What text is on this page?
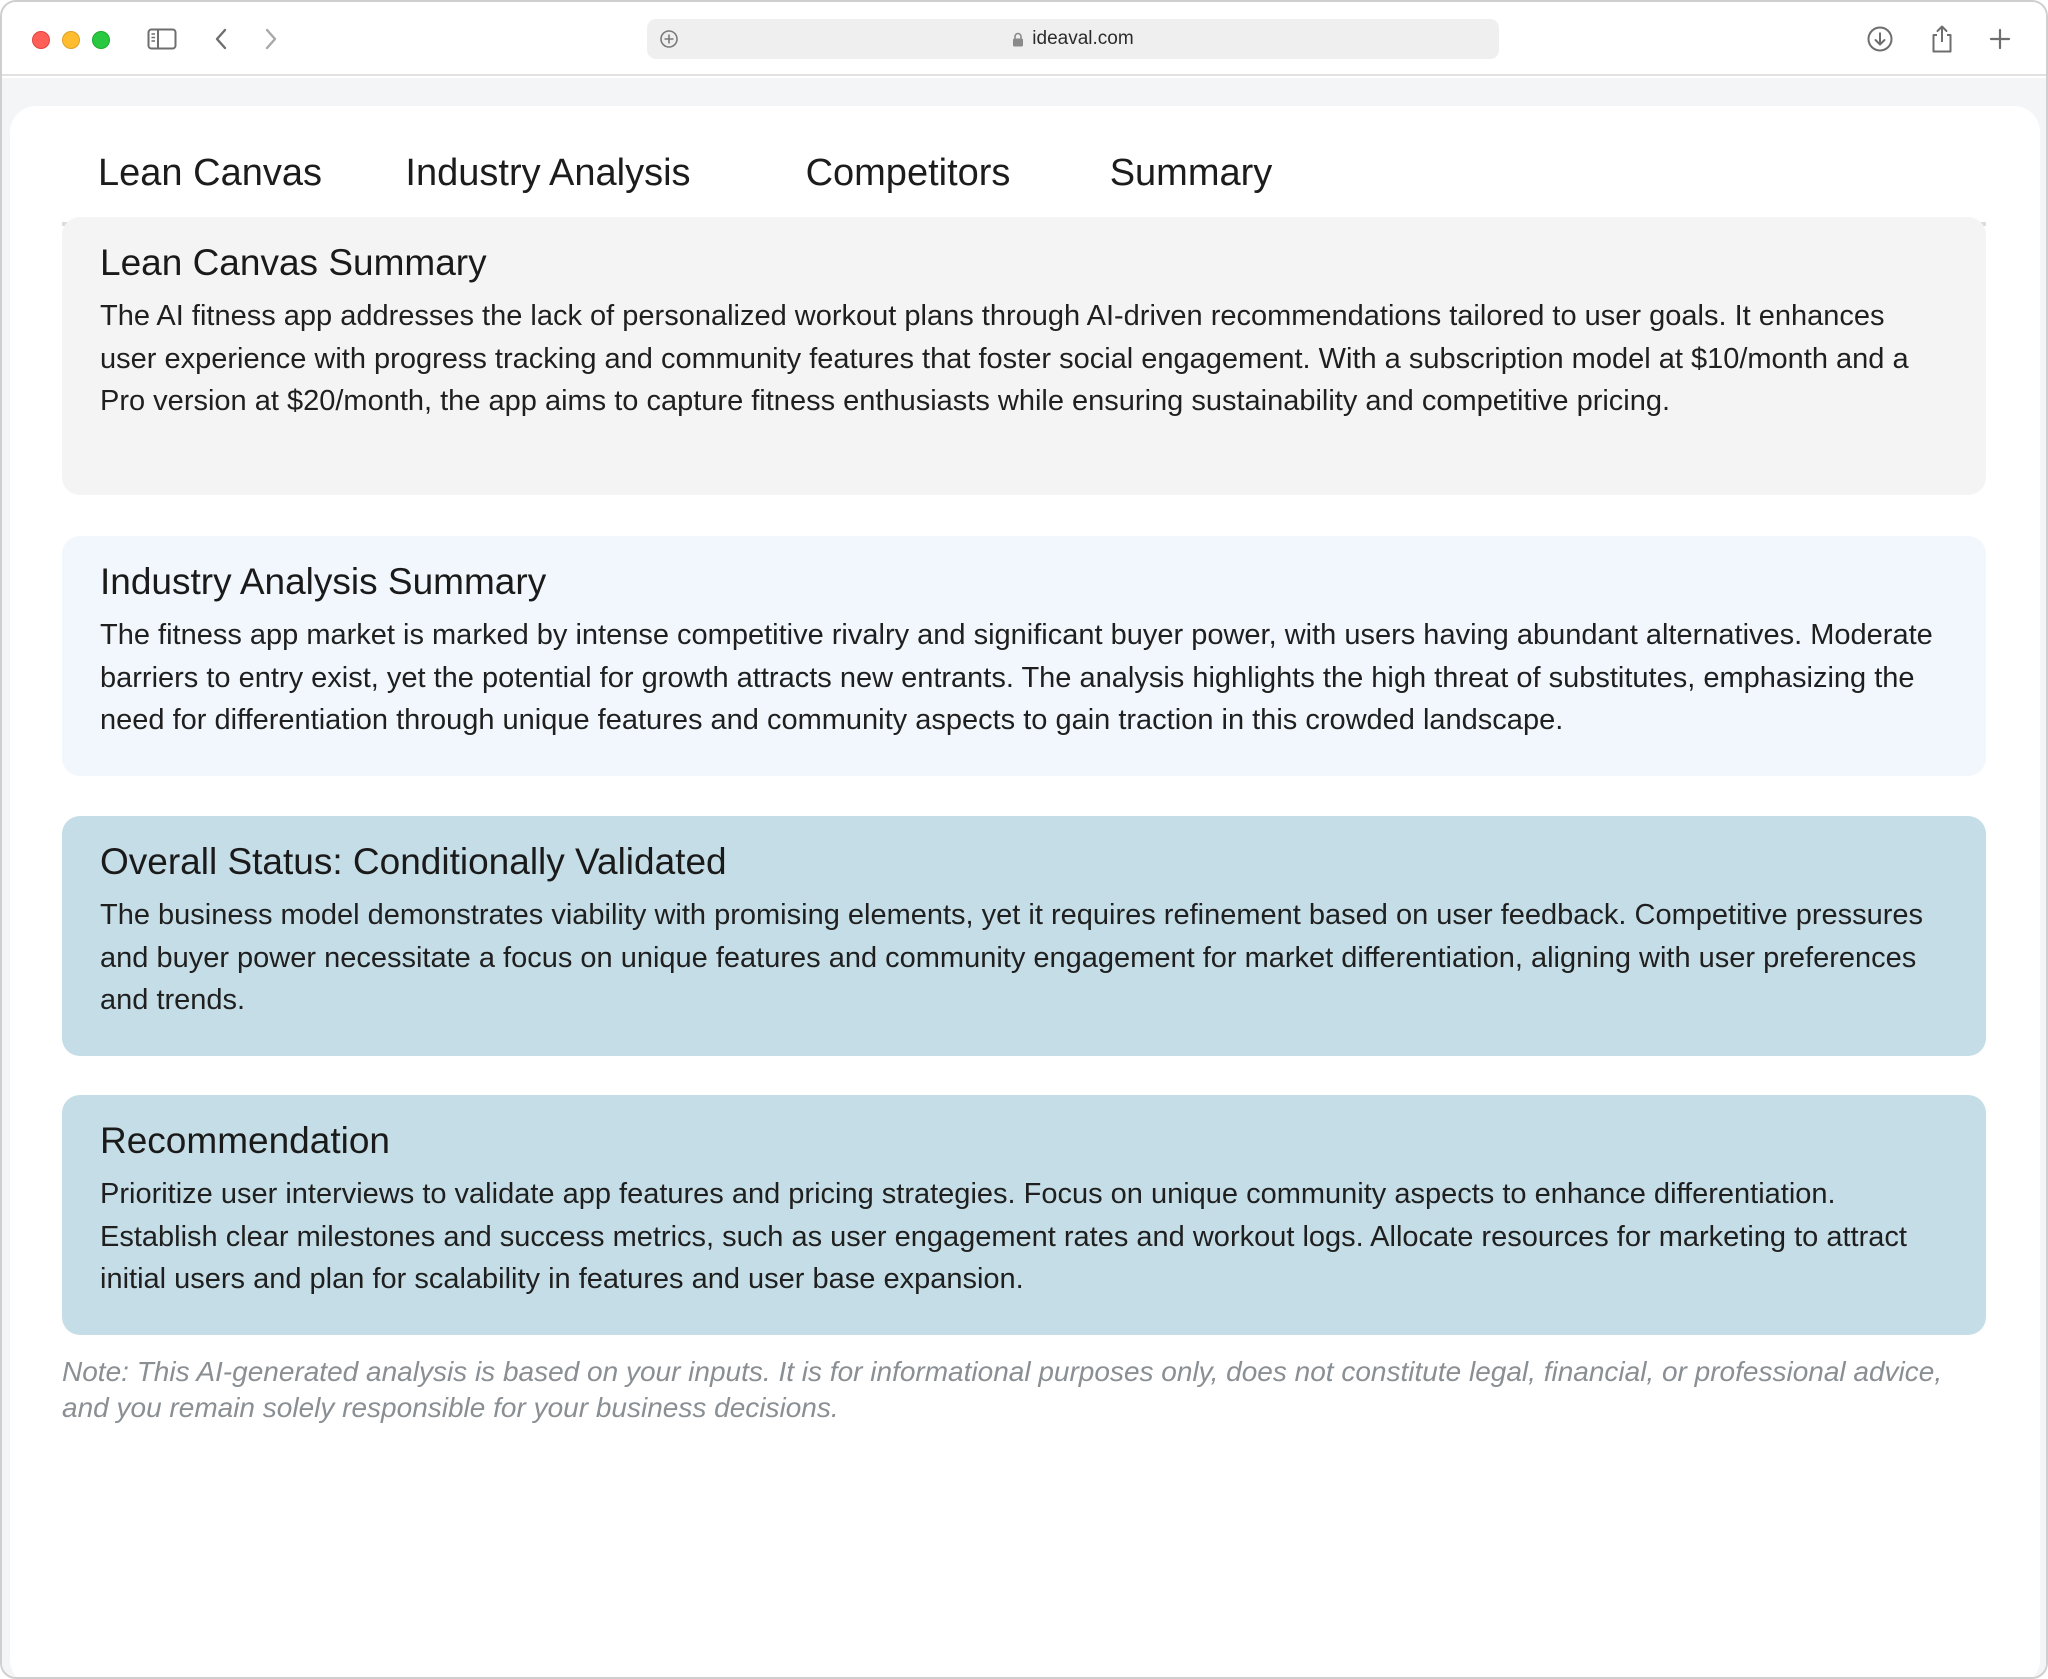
ideaval.com
Lean Canvas	Industry Analysis	Competitors	Summary
Lean Canvas Summary

The AI fitness app addresses the lack of personalized workout plans through AI-driven recommendations tailored to user goals. It enhances user experience with progress tracking and community features that foster social engagement. With a subscription model at $10/month and a Pro version at $20/month, the app aims to capture fitness enthusiasts while ensuring sustainability and competitive pricing.

Industry Analysis Summary

The fitness app market is marked by intense competitive rivalry and significant buyer power, with users having abundant alternatives. Moderate barriers to entry exist, yet the potential for growth attracts new entrants. The analysis highlights the high threat of substitutes, emphasizing the need for differentiation through unique features and community aspects to gain traction in this crowded landscape.

Overall Status: Conditionally Validated

The business model demonstrates viability with promising elements, yet it requires refinement based on user feedback. Competitive pressures and buyer power necessitate a focus on unique features and community engagement for market differentiation, aligning with user preferences and trends.

Recommendation

Prioritize user interviews to validate app features and pricing strategies. Focus on unique community aspects to enhance differentiation. Establish clear milestones and success metrics, such as user engagement rates and workout logs. Allocate resources for marketing to attract initial users and plan for scalability in features and user base expansion.

Note: This AI-generated analysis is based on your inputs. It is for informational purposes only, does not constitute legal, financial, or professional advice, and you remain solely responsible for your business decisions.
